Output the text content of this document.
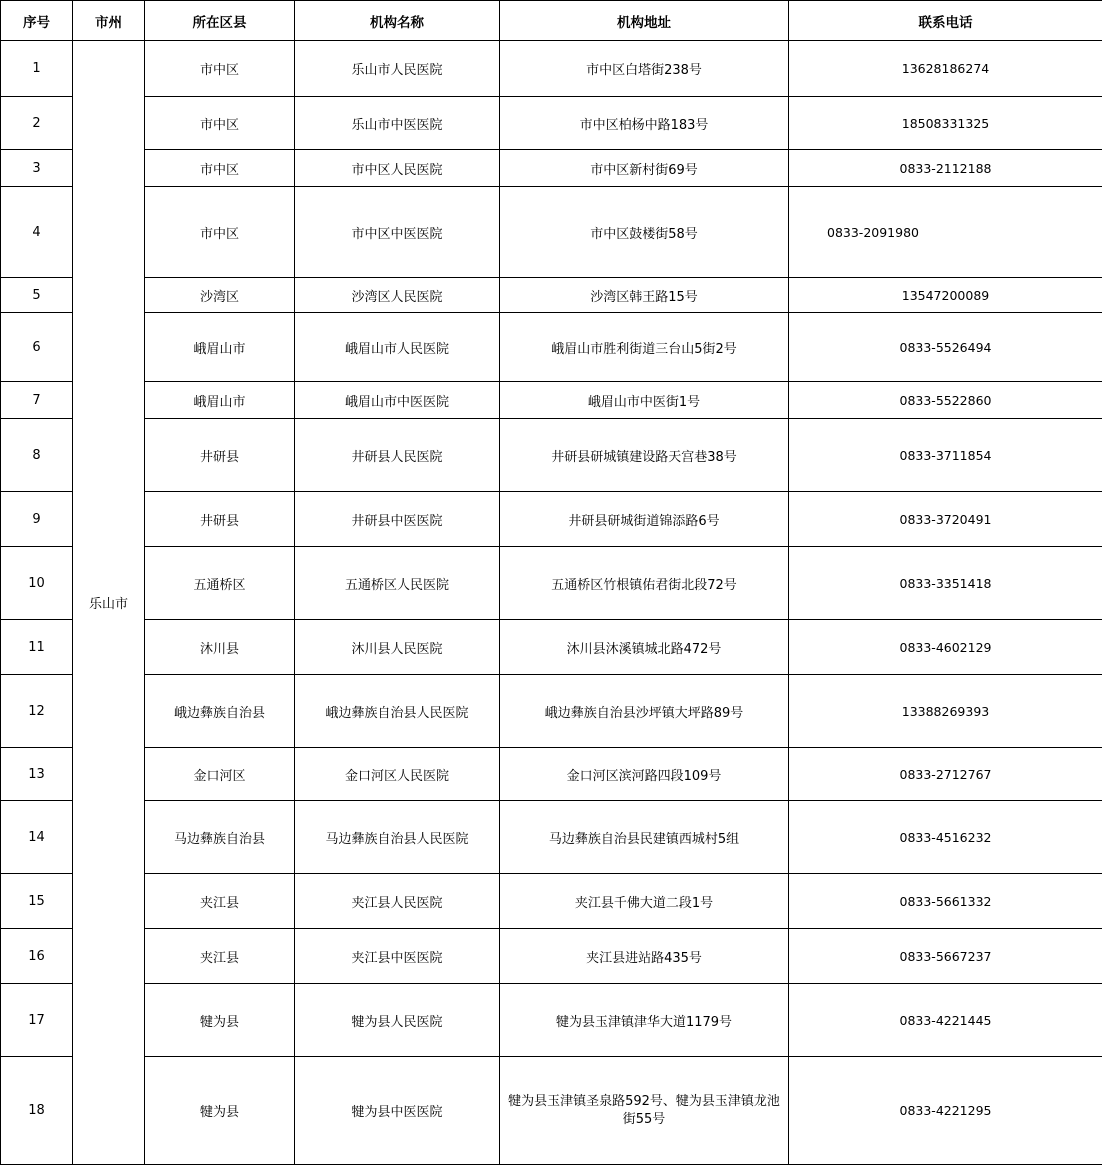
序号	市州	所在区县	机构名称	机构地址	联系电话
1	乐山市	市中区	乐山市人民医院	市中区白塔街238号	13628186274
2		市中区	乐山市中医医院	市中区柏杨中路183号	18508331325
3		市中区	市中区人民医院	市中区新村街69号	0833-2112188
4		市中区	市中区中医医院	市中区鼓楼街58号	0833-2091980
5		沙湾区	沙湾区人民医院	沙湾区韩王路15号	13547200089
6		峨眉山市	峨眉山市人民医院	峨眉山市胜利街道三台山5街2号	0833-5526494
7		峨眉山市	峨眉山市中医医院	峨眉山市中医街1号	0833-5522860
8		井研县	井研县人民医院	井研县研城镇建设路天宫巷38号	0833-3711854
9		井研县	井研县中医医院	井研县研城街道锦添路6号	0833-3720491
10		五通桥区	五通桥区人民医院	五通桥区竹根镇佑君街北段72号	0833-3351418
11		沐川县	沐川县人民医院	沐川县沐溪镇城北路472号	0833-4602129
12		峨边彝族自治县	峨边彝族自治县人民医院	峨边彝族自治县沙坪镇大坪路89号	13388269393
13		金口河区	金口河区人民医院	金口河区滨河路四段109号	0833-2712767
14		马边彝族自治县	马边彝族自治县人民医院	马边彝族自治县民建镇西城村5组	0833-4516232
15		夹江县	夹江县人民医院	夹江县千佛大道二段1号	0833-5661332
16		夹江县	夹江县中医医院	夹江县进站路435号	0833-5667237
17		犍为县	犍为县人民医院	犍为县玉津镇津华大道1179号	0833-4221445
18		犍为县	犍为县中医医院	犍为县玉津镇圣泉路592号、犍为县玉津镇龙池街55号	0833-4221295
